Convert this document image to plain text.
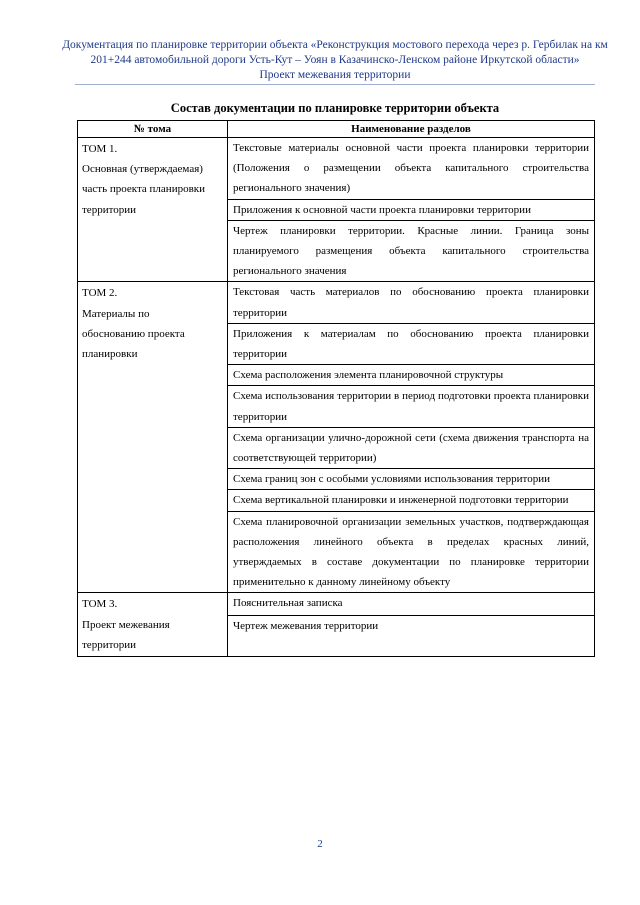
Документация по планировке территории объекта «Реконструкция мостового перехода через р. Гербилак на км
201+244 автомобильной дороги Усть-Кут – Уоян в Казачинско-Ленском районе Иркутской области»
Проект межевания территории
Состав документации по планировке территории объекта
№ тома	Наименование разделов

ТОМ 1.
Основная (утверждаемая) часть проекта планировки территории	Текстовые материалы основной части проекта планировки территории (Положения о размещении объекта капитального строительства регионального значения)
	Приложения к основной части проекта планировки территории
	Чертеж планировки территории. Красные линии. Граница зоны планируемого размещения объекта капитального строительства регионального значения

ТОМ 2.
Материалы по обоснованию проекта планировки	Текстовая часть материалов по обоснованию проекта планировки территории
	Приложения к материалам по обоснованию проекта планировки территории
	Схема расположения элемента планировочной структуры
	Схема использования территории в период подготовки проекта планировки территории
	Схема организации улично-дорожной сети (схема движения транспорта на соответствующей территории)
	Схема границ зон с особыми условиями использования территории
	Схема вертикальной планировки и инженерной подготовки территории
	Схема планировочной организации земельных участков, подтверждающая расположения линейного объекта в пределах красных линий, утверждаемых в составе документации по планировке территории применительно к данному линейному объекту

ТОМ 3.
Проект межевания территории	Пояснительная записка
	Чертеж межевания территории
2
